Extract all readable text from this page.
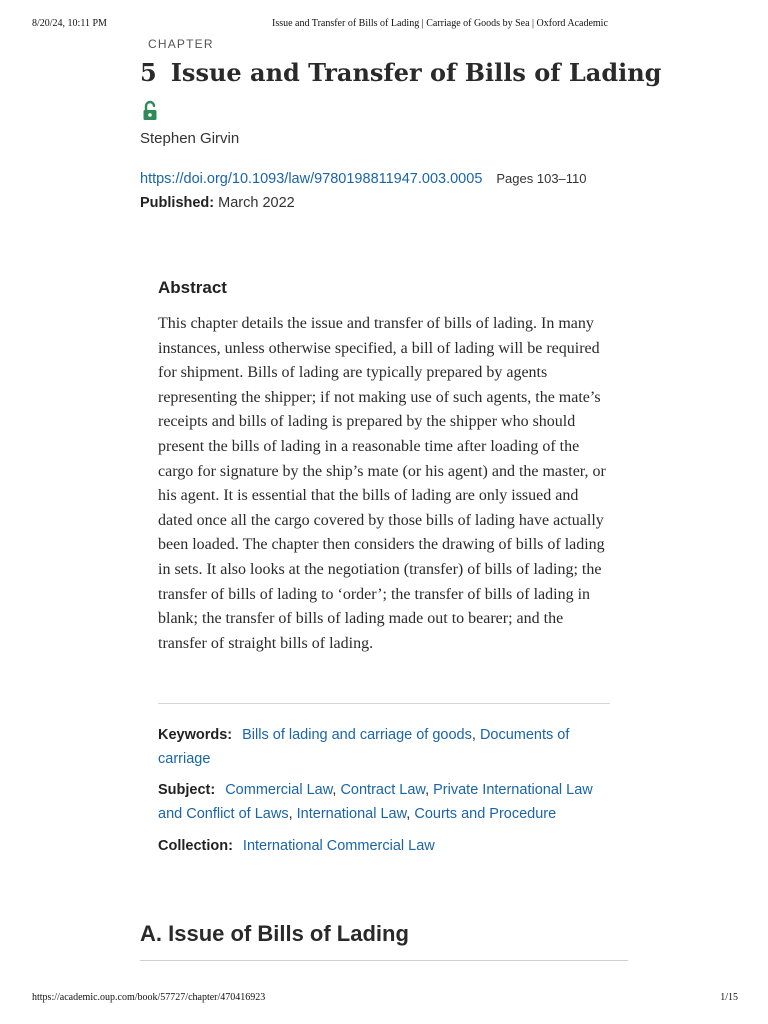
8/20/24, 10:11 PM	Issue and Transfer of Bills of Lading | Carriage of Goods by Sea | Oxford Academic
CHAPTER
5 Issue and Transfer of Bills of Lading
Stephen Girvin
https://doi.org/10.1093/law/9780198811947.003.0005 Pages 103–110
Published: March 2022
Abstract

This chapter details the issue and transfer of bills of lading. In many instances, unless otherwise specified, a bill of lading will be required for shipment. Bills of lading are typically prepared by agents representing the shipper; if not making use of such agents, the mate’s receipts and bills of lading is prepared by the shipper who should present the bills of lading in a reasonable time after loading of the cargo for signature by the ship’s mate (or his agent) and the master, or his agent. It is essential that the bills of lading are only issued and dated once all the cargo covered by those bills of lading have actually been loaded. The chapter then considers the drawing of bills of lading in sets. It also looks at the negotiation (transfer) of bills of lading; the transfer of bills of lading to ‘order’; the transfer of bills of lading in blank; the transfer of bills of lading made out to bearer; and the transfer of straight bills of lading.

Keywords: Bills of lading and carriage of goods, Documents of carriage
Subject: Commercial Law, Contract Law, Private International Law and Conflict of Laws, International Law, Courts and Procedure
Collection: International Commercial Law
A. Issue of Bills of Lading
https://academic.oup.com/book/57727/chapter/470416923	1/15
